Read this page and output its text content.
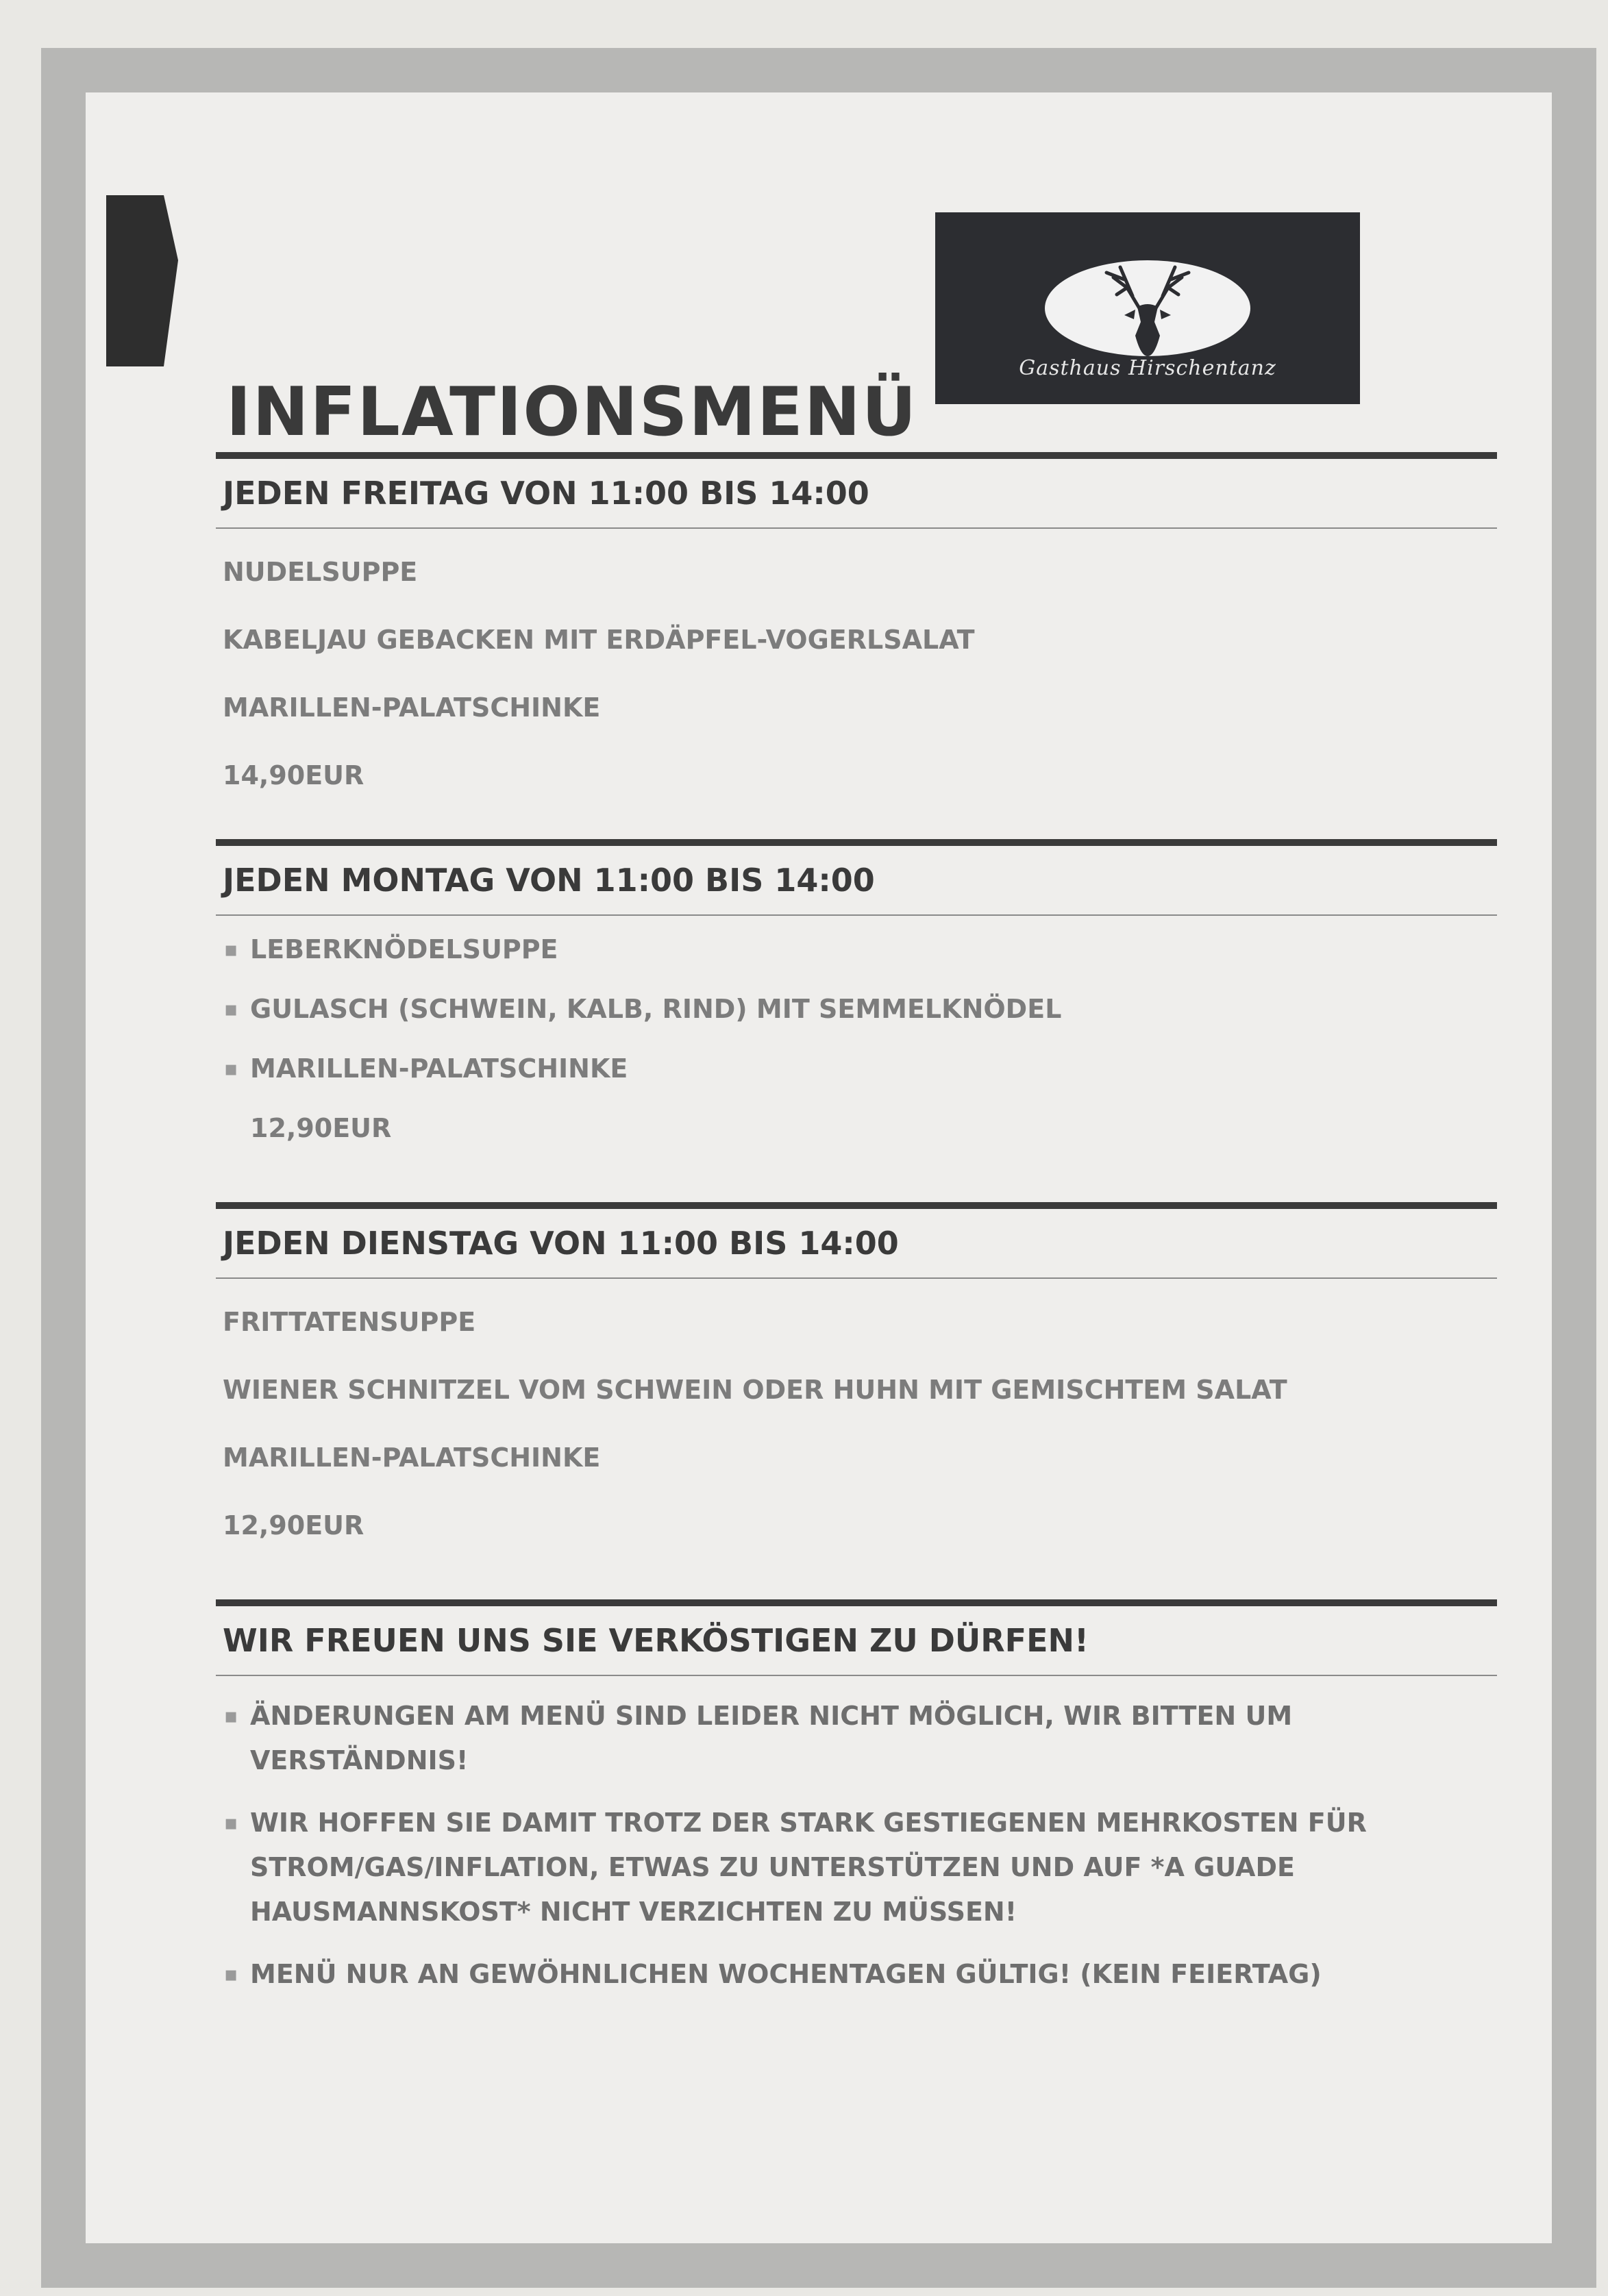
INFLATIONSMENÜ
Gasthaus Hirschentanz
JEDEN FREITAG VON 11:00 BIS 14:00
NUDELSUPPE
KABELJAU GEBACKEN MIT ERDÄPFEL-VOGERLSALAT
MARILLEN-PALATSCHINKE
14,90EUR
JEDEN MONTAG VON 11:00 BIS 14:00
▪ LEBERKNÖDELSUPPE
▪ GULASCH (SCHWEIN, KALB, RIND) MIT SEMMELKNÖDEL
▪ MARILLEN-PALATSCHINKE
12,90EUR
JEDEN DIENSTAG VON 11:00 BIS 14:00
FRITTATENSUPPE
WIENER SCHNITZEL VOM SCHWEIN ODER HUHN MIT GEMISCHTEM SALAT
MARILLEN-PALATSCHINKE
12,90EUR
WIR FREUEN UNS SIE VERKÖSTIGEN ZU DÜRFEN!
▪ ÄNDERUNGEN AM MENÜ SIND LEIDER NICHT MÖGLICH, WIR BITTEN UM VERSTÄNDNIS!
▪ WIR HOFFEN SIE DAMIT TROTZ DER STARK GESTIEGENEN MEHRKOSTEN FÜR STROM/GAS/INFLATION, ETWAS ZU UNTERSTÜTZEN UND AUF *A GUADE HAUSMANNSKOST* NICHT VERZICHTEN ZU MÜSSEN!
▪ MENÜ NUR AN GEWÖHNLICHEN WOCHENTAGEN GÜLTIG! (KEIN FEIERTAG)
